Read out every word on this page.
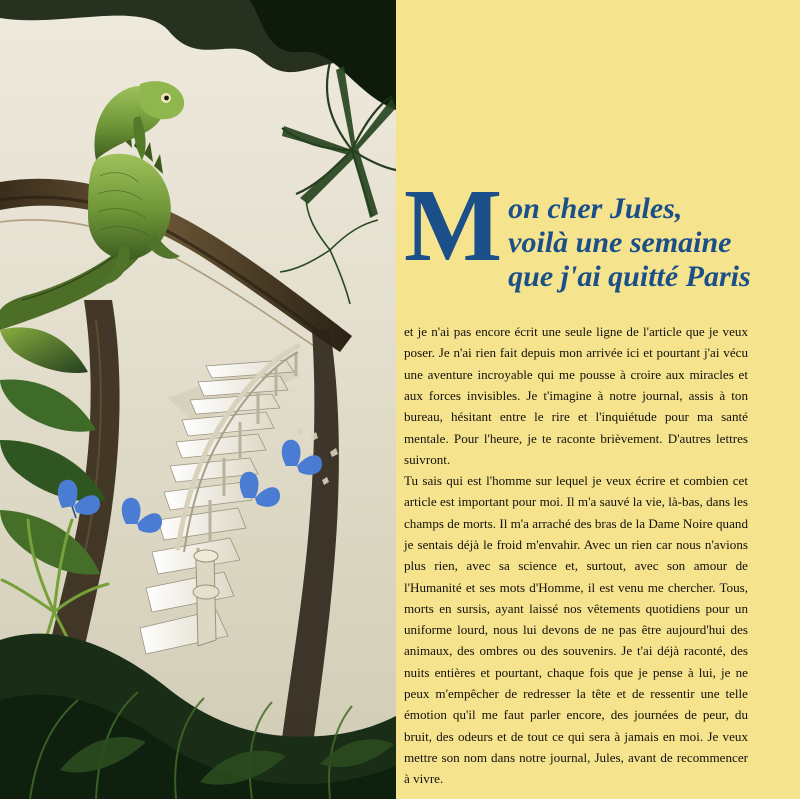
M on cher Jules,
voilà une semaine
que j'ai quitté Paris

et je n'ai pas encore écrit une seule ligne de l'article que je veux poser. Je n'ai rien fait depuis mon arrivée ici et pourtant j'ai vécu une aventure incroyable qui me pousse à croire aux miracles et aux forces invisibles. Je t'imagine à notre journal, assis à ton bureau, hésitant entre le rire et l'inquiétude pour ma santé mentale. Pour l'heure, je te raconte brièvement. D'autres lettres suivront.

Tu sais qui est l'homme sur lequel je veux écrire et combien cet article est important pour moi. Il m'a sauvé la vie, là-bas, dans les champs de morts. Il m'a arraché des bras de la Dame Noire quand je sentais déjà le froid m'envahir. Avec un rien car nous n'avions plus rien, avec sa science et, surtout, avec son amour de l'Humanité et ses mots d'Homme, il est venu me chercher. Tous, morts en sursis, ayant laissé nos vêtements quotidiens pour un uniforme lourd, nous lui devons de ne pas être aujourd'hui des animaux, des ombres ou des souvenirs. Je t'ai déjà raconté, des nuits entières et pourtant, chaque fois que je pense à lui, je ne peux m'empêcher de redresser la tête et de ressentir une telle émotion qu'il me faut parler encore, des journées de peur, du bruit, des odeurs et de tout ce qui sera à jamais en moi. Je veux mettre son nom dans notre journal, Jules, avant de recommencer à vivre.
